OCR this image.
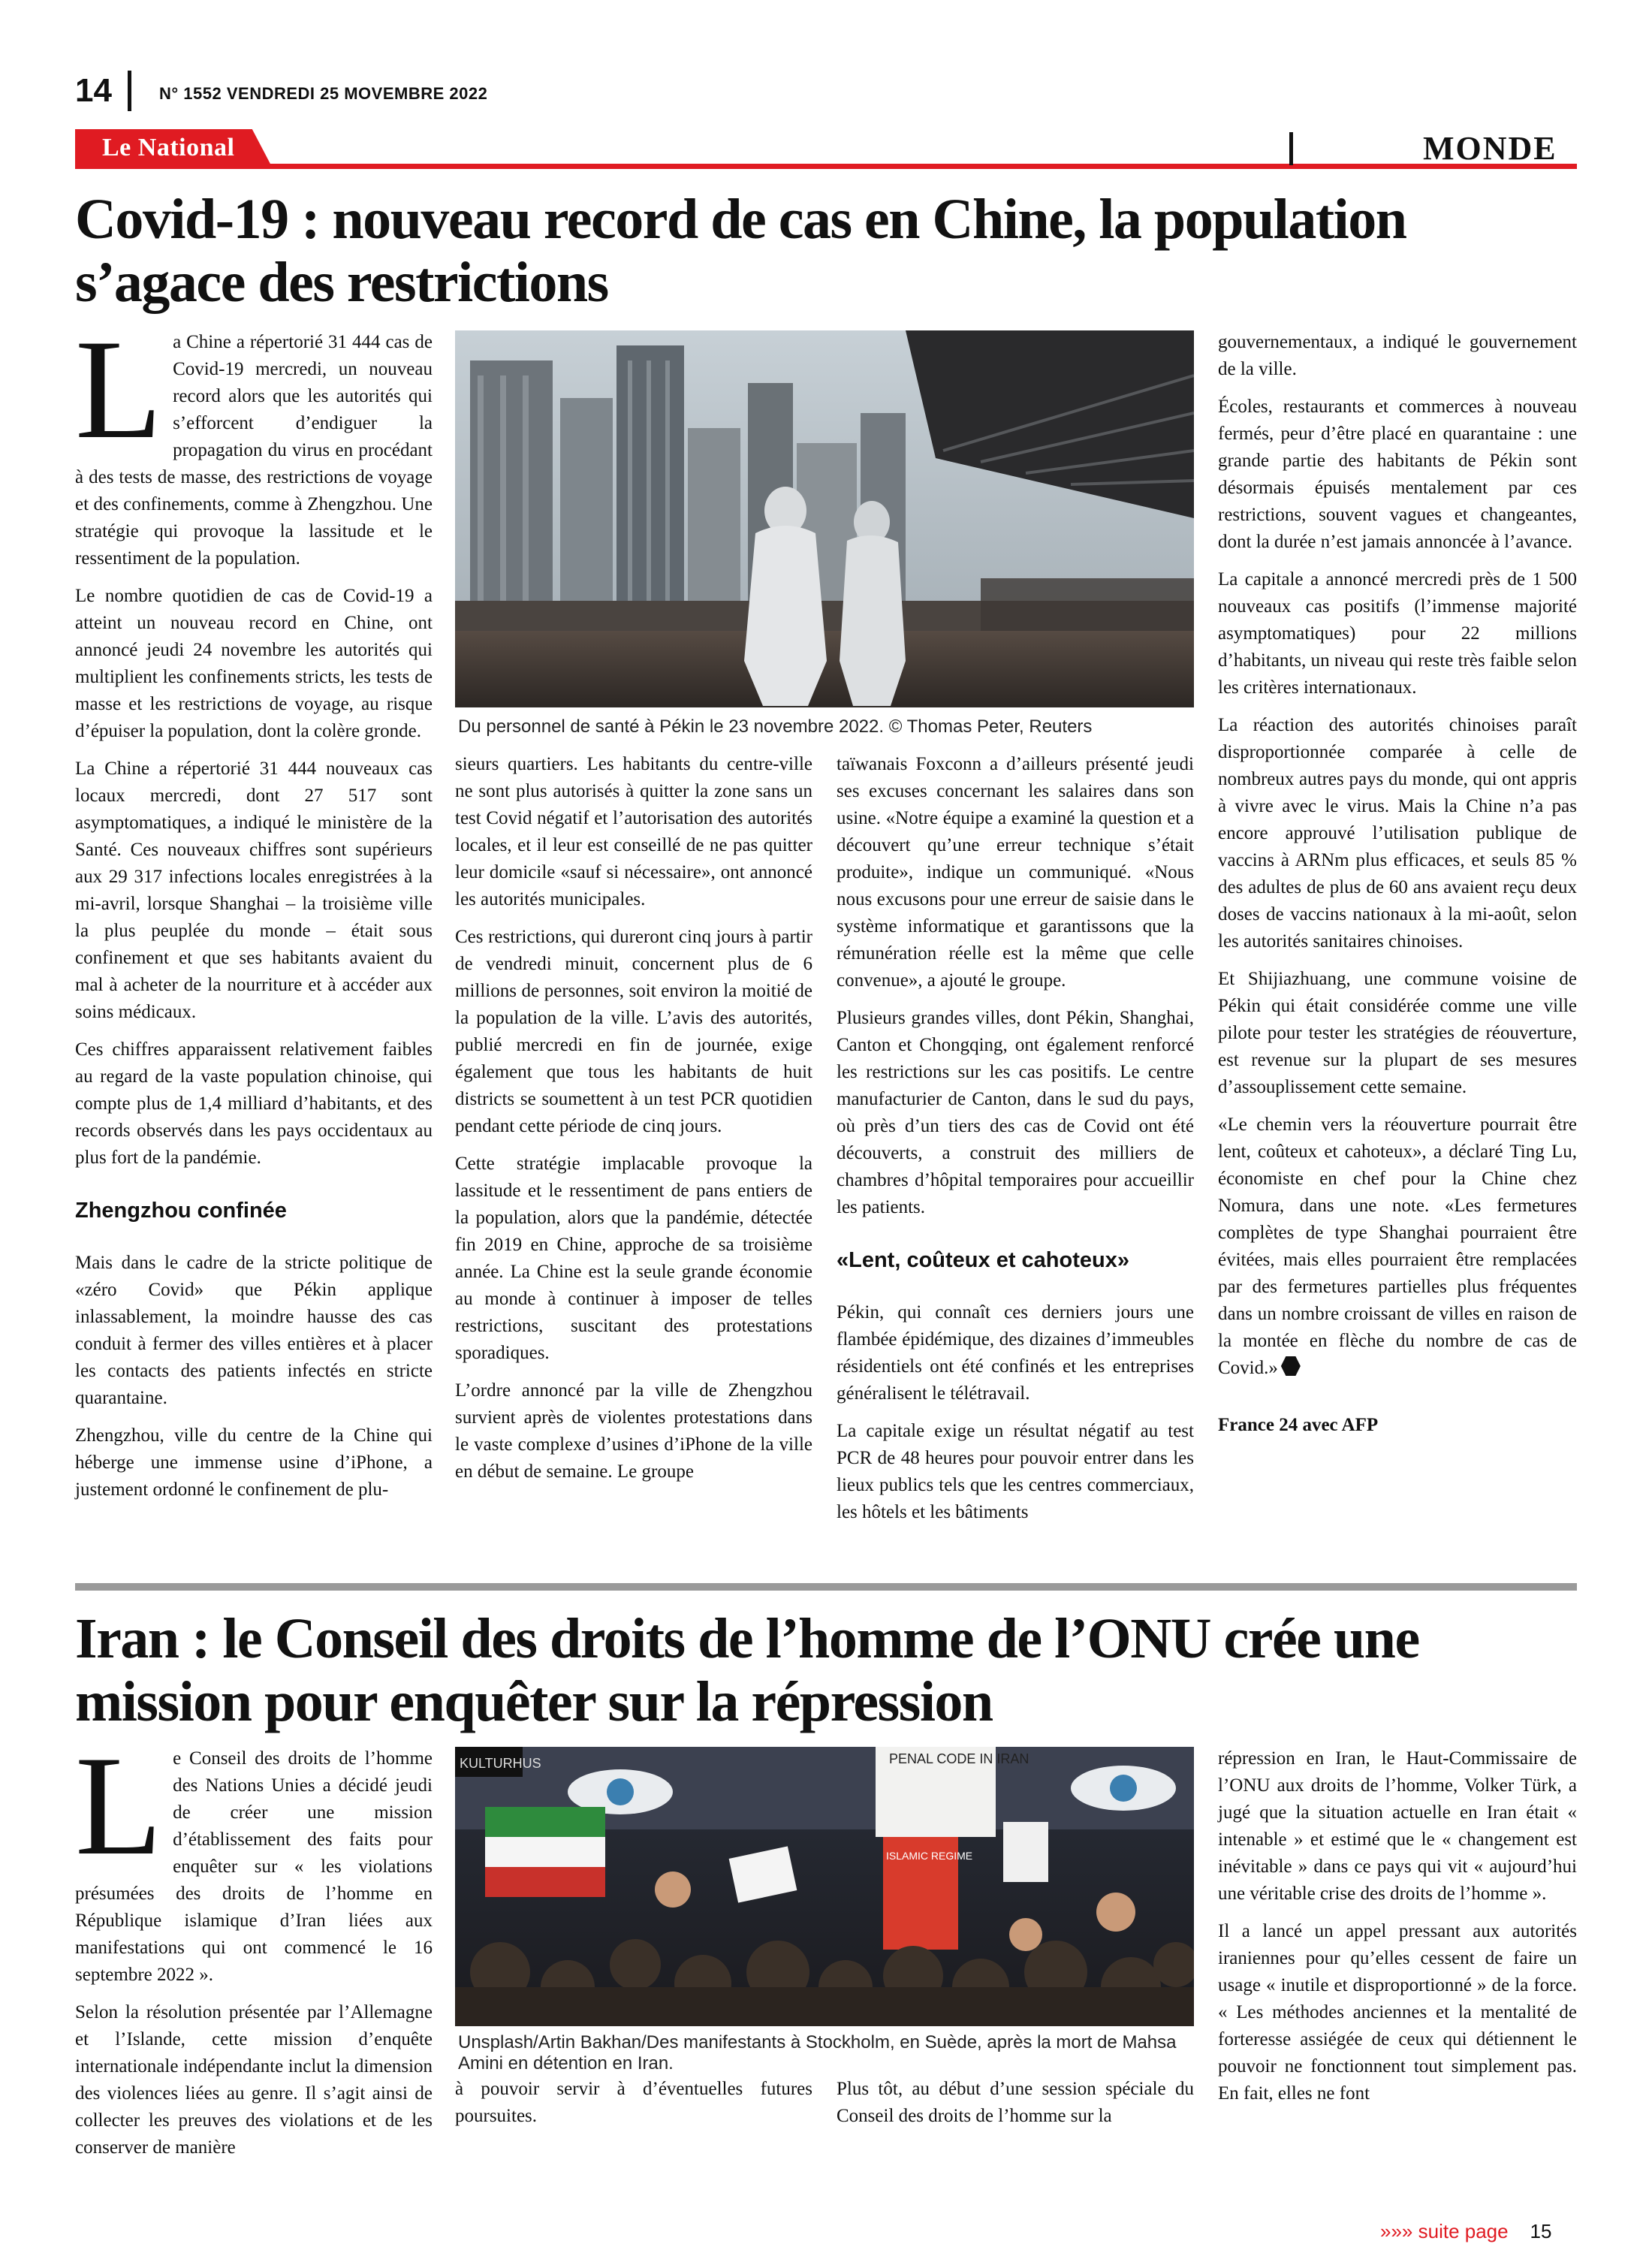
14	N° 1552 VENDREDI 25 MOVEMBRE 2022
Le National	MONDE
Covid-19 : nouveau record de cas en Chine, la population s’agace des restrictions
L a Chine a répertorié 31 444 cas de Covid-19 mercredi, un nouveau record alors que les autorités qui s’efforcent d’endiguer la propagation du virus en procédant à des tests de masse, des restrictions de voyage et des confinements, comme à Zhengzhou. Une stratégie qui provoque la lassitude et le ressentiment de la population.

Le nombre quotidien de cas de Covid-19 a atteint un nouveau record en Chine, ont annoncé jeudi 24 novembre les autorités qui multiplient les confinements stricts, les tests de masse et les restrictions de voyage, au risque d’épuiser la population, dont la colère gronde.

La Chine a répertorié 31 444 nouveaux cas locaux mercredi, dont 27 517 sont asymptomatiques, a indiqué le ministère de la Santé. Ces nouveaux chiffres sont supérieurs aux 29 317 infections locales enregistrées à la mi-avril, lorsque Shanghai – la troisième ville la plus peuplée du monde – était sous confinement et que ses habitants avaient du mal à acheter de la nourriture et à accéder aux soins médicaux.

Ces chiffres apparaissent relativement faibles au regard de la vaste population chinoise, qui compte plus de 1,4 milliard d’habitants, et des records observés dans les pays occidentaux au plus fort de la pandémie.

Zhengzhou confinée

Mais dans le cadre de la stricte politique de «zéro Covid» que Pékin applique inlassablement, la moindre hausse des cas conduit à fermer des villes entières et à placer les contacts des patients infectés en stricte quarantaine.

Zhengzhou, ville du centre de la Chine qui héberge une immense usine d’iPhone, a justement ordonné le confinement de plu-

Du personnel de santé à Pékin le 23 novembre 2022. © Thomas Peter, Reuters

sieurs quartiers. Les habitants du centre-ville ne sont plus autorisés à quitter la zone sans un test Covid négatif et l’autorisation des autorités locales, et il leur est conseillé de ne pas quitter leur domicile «sauf si nécessaire», ont annoncé les autorités municipales.

Ces restrictions, qui dureront cinq jours à partir de vendredi minuit, concernent plus de 6 millions de personnes, soit environ la moitié de la population de la ville. L’avis des autorités, publié mercredi en fin de journée, exige également que tous les habitants de huit districts se soumettent à un test PCR quotidien pendant cette période de cinq jours.

Cette stratégie implacable provoque la lassitude et le ressentiment de pans entiers de la population, alors que la pandémie, détectée fin 2019 en Chine, approche de sa troisième année. La Chine est la seule grande économie au monde à continuer à imposer de telles restrictions, suscitant des protestations sporadiques.

L’ordre annoncé par la ville de Zhengzhou survient après de violentes protestations dans le vaste complexe d’usines d’iPhone de la ville en début de semaine. Le groupe

taïwanais Foxconn a d’ailleurs présenté jeudi ses excuses concernant les salaires dans son usine. «Notre équipe a examiné la question et a découvert qu’une erreur technique s’était produite», indique un communiqué. «Nous nous excusons pour une erreur de saisie dans le système informatique et garantissons que la rémunération réelle est la même que celle convenue», a ajouté le groupe.

Plusieurs grandes villes, dont Pékin, Shanghai, Canton et Chongqing, ont également renforcé les restrictions sur les cas positifs. Le centre manufacturier de Canton, dans le sud du pays, où près d’un tiers des cas de Covid ont été découverts, a construit des milliers de chambres d’hôpital temporaires pour accueillir les patients.

«Lent, coûteux et cahoteux»

Pékin, qui connaît ces derniers jours une flambée épidémique, des dizaines d’immeubles résidentiels ont été confinés et les entreprises généralisent le télétravail.

La capitale exige un résultat négatif au test PCR de 48 heures pour pouvoir entrer dans les lieux publics tels que les centres commerciaux, les hôtels et les bâtiments

gouvernementaux, a indiqué le gouvernement de la ville.

Écoles, restaurants et commerces à nouveau fermés, peur d’être placé en quarantaine : une grande partie des habitants de Pékin sont désormais épuisés mentalement par ces restrictions, souvent vagues et changeantes, dont la durée n’est jamais annoncée à l’avance.

La capitale a annoncé mercredi près de 1 500 nouveaux cas positifs (l’immense majorité asymptomatiques) pour 22 millions d’habitants, un niveau qui reste très faible selon les critères internationaux.

La réaction des autorités chinoises paraît disproportionnée comparée à celle de nombreux autres pays du monde, qui ont appris à vivre avec le virus. Mais la Chine n’a pas encore approuvé l’utilisation publique de vaccins à ARNm plus efficaces, et seuls 85 % des adultes de plus de 60 ans avaient reçu deux doses de vaccins nationaux à la mi-août, selon les autorités sanitaires chinoises.

Et Shijiazhuang, une commune voisine de Pékin qui était considérée comme une ville pilote pour tester les stratégies de réouverture, est revenue sur la plupart de ses mesures d’assouplissement cette semaine.

«Le chemin vers la réouverture pourrait être lent, coûteux et cahoteux», a déclaré Ting Lu, économiste en chef pour la Chine chez Nomura, dans une note. «Les fermetures complètes de type Shanghai pourraient être évitées, mais elles pourraient être remplacées par des fermetures partielles plus fréquentes dans un nombre croissant de villes en raison de la montée en flèche du nombre de cas de Covid.»

France 24 avec AFP

Iran : le Conseil des droits de l’homme de l’ONU crée une mission pour enquêter sur la répression
L e Conseil des droits de l’homme des Nations Unies a décidé jeudi de créer une mission d’établissement des faits pour enquêter sur « les violations présumées des droits de l’homme en République islamique d’Iran liées aux manifestations qui ont commencé le 16 septembre 2022 ».

Selon la résolution présentée par l’Allemagne et l’Islande, cette mission d’enquête internationale indépendante inclut la dimension des violences liées au genre. Il s’agit ainsi de collecter les preuves des violations et de les conserver de manière

PENAL CODE IN IRAN
ISLAMIC REGIME
KULTURHUS
Unsplash/Artin Bakhan/Des manifestants à Stockholm, en Suède, après la mort de Mahsa Amini en détention en Iran.

à pouvoir servir à d’éventuelles futures poursuites.

Plus tôt, au début d’une session spéciale du Conseil des droits de l’homme sur la

répression en Iran, le Haut-Commissaire de l’ONU aux droits de l’homme, Volker Türk, a jugé que la situation actuelle en Iran était « intenable » et estimé que le « changement est inévitable » dans ce pays qui vit « aujourd’hui une véritable crise des droits de l’homme ».

Il a lancé un appel pressant aux autorités iraniennes pour qu’elles cessent de faire un usage « inutile et disproportionné » de la force. « Les méthodes anciennes et la mentalité de forteresse assiégée de ceux qui détiennent le pouvoir ne fonctionnent tout simplement pas. En fait, elles ne font

»»» suite page 15
